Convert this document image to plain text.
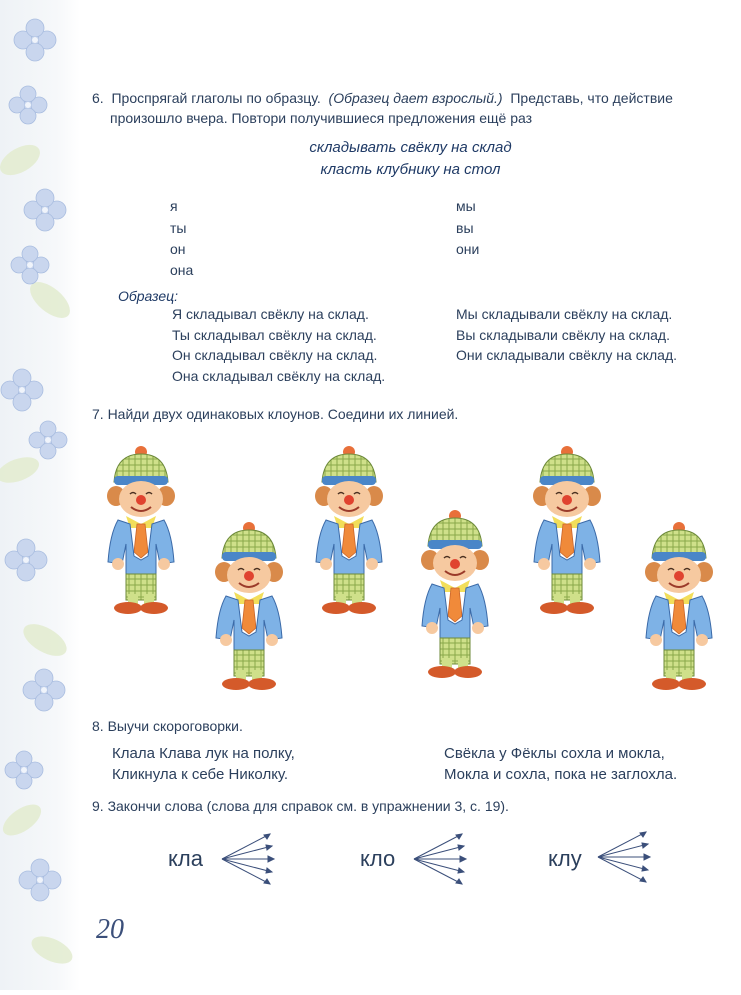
6. Проспрягай глаголы по образцу. (Образец дает взрослый.) Представь, что действие
произошло вчера. Повтори получившиеся предложения ещё раз
складывать свёклу на склад
класть клубнику на стол
я
ты
он
она
мы
вы
они
Образец:
Я складывал свёклу на склад.
Ты складывал свёклу на склад.
Он складывал свёклу на склад.
Она складывал свёклу на склад.
Мы складывали свёклу на склад.
Вы складывали свёклу на склад.
Они складывали свёклу на склад.
7. Найди двух одинаковых клоунов. Соедини их линией.
8. Выучи скороговорки.
Клала Клава лук на полку,
Кликнула к себе Николку.
Свёкла у Фёклы сохла и мокла,
Мокла и сохла, пока не заглохла.
9. Закончи слова (слова для справок см. в упражнении 3, с. 19).
кла	кло	клу
20
